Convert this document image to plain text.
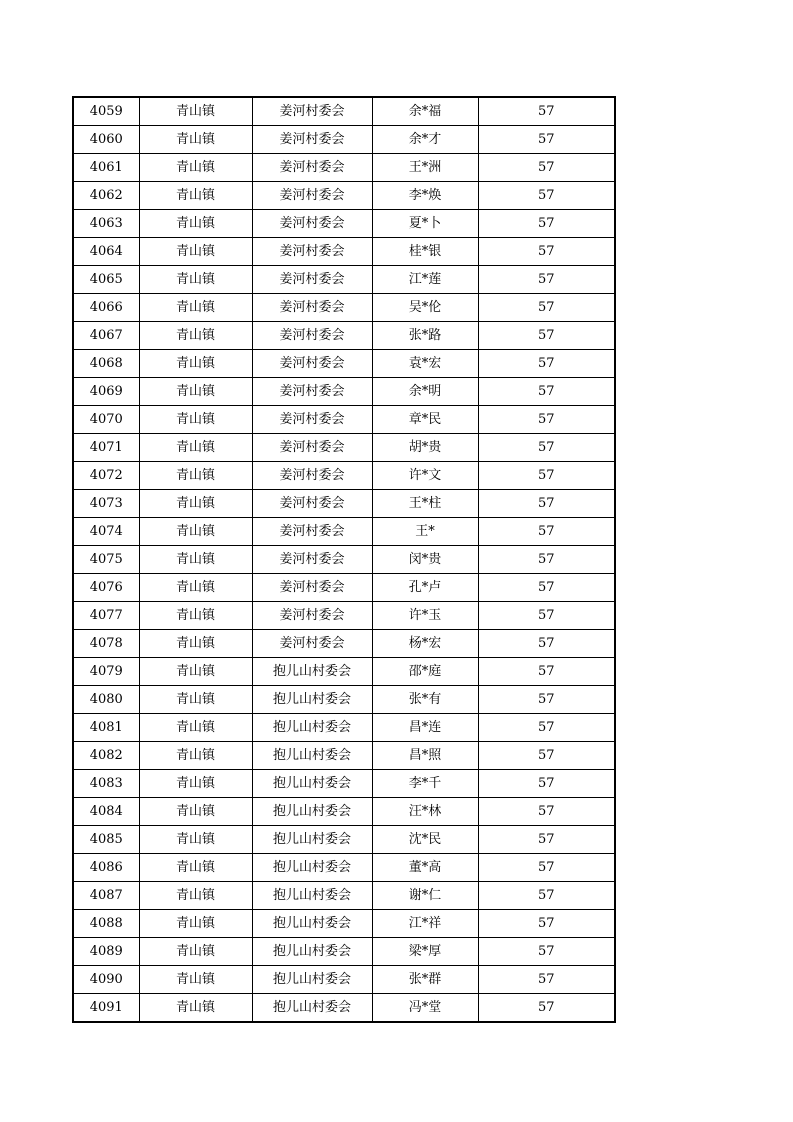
4059	青山镇	姜河村委会	余*福	57
4060	青山镇	姜河村委会	余*才	57
4061	青山镇	姜河村委会	王*洲	57
4062	青山镇	姜河村委会	李*焕	57
4063	青山镇	姜河村委会	夏*卜	57
4064	青山镇	姜河村委会	桂*银	57
4065	青山镇	姜河村委会	江*莲	57
4066	青山镇	姜河村委会	吴*伦	57
4067	青山镇	姜河村委会	张*路	57
4068	青山镇	姜河村委会	袁*宏	57
4069	青山镇	姜河村委会	余*明	57
4070	青山镇	姜河村委会	章*民	57
4071	青山镇	姜河村委会	胡*贵	57
4072	青山镇	姜河村委会	许*文	57
4073	青山镇	姜河村委会	王*柱	57
4074	青山镇	姜河村委会	王*	57
4075	青山镇	姜河村委会	闵*贵	57
4076	青山镇	姜河村委会	孔*卢	57
4077	青山镇	姜河村委会	许*玉	57
4078	青山镇	姜河村委会	杨*宏	57
4079	青山镇	抱儿山村委会	邵*庭	57
4080	青山镇	抱儿山村委会	张*有	57
4081	青山镇	抱儿山村委会	昌*连	57
4082	青山镇	抱儿山村委会	昌*照	57
4083	青山镇	抱儿山村委会	李*千	57
4084	青山镇	抱儿山村委会	汪*林	57
4085	青山镇	抱儿山村委会	沈*民	57
4086	青山镇	抱儿山村委会	董*高	57
4087	青山镇	抱儿山村委会	谢*仁	57
4088	青山镇	抱儿山村委会	江*祥	57
4089	青山镇	抱儿山村委会	梁*厚	57
4090	青山镇	抱儿山村委会	张*群	57
4091	青山镇	抱儿山村委会	冯*堂	57
